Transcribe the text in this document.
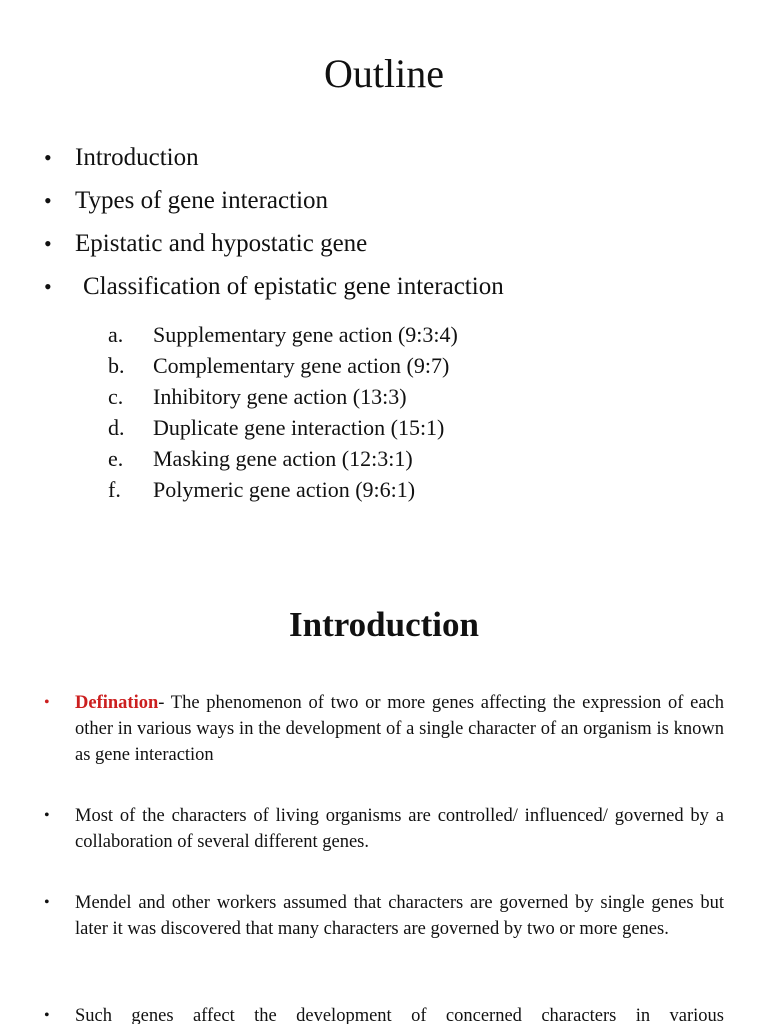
Outline
• Introduction
• Types of gene interaction
• Epistatic and hypostatic gene
• Classification of epistatic gene interaction
a. Supplementary gene action (9:3:4)
b. Complementary gene action (9:7)
c. Inhibitory gene action (13:3)
d. Duplicate gene interaction (15:1)
e. Masking gene action (12:3:1)
f. Polymeric gene action (9:6:1)
Introduction
• Defination- The phenomenon of two or more genes affecting the expression of each other in various ways in the development of a single character of an organism is known as gene interaction
• Most of the characters of living organisms are controlled/ influenced/ governed by a collaboration of several different genes.
• Mendel and other workers assumed that characters are governed by single genes but later it was discovered that many characters are governed by two or more genes.
• Such genes affect the development of concerned characters in various
